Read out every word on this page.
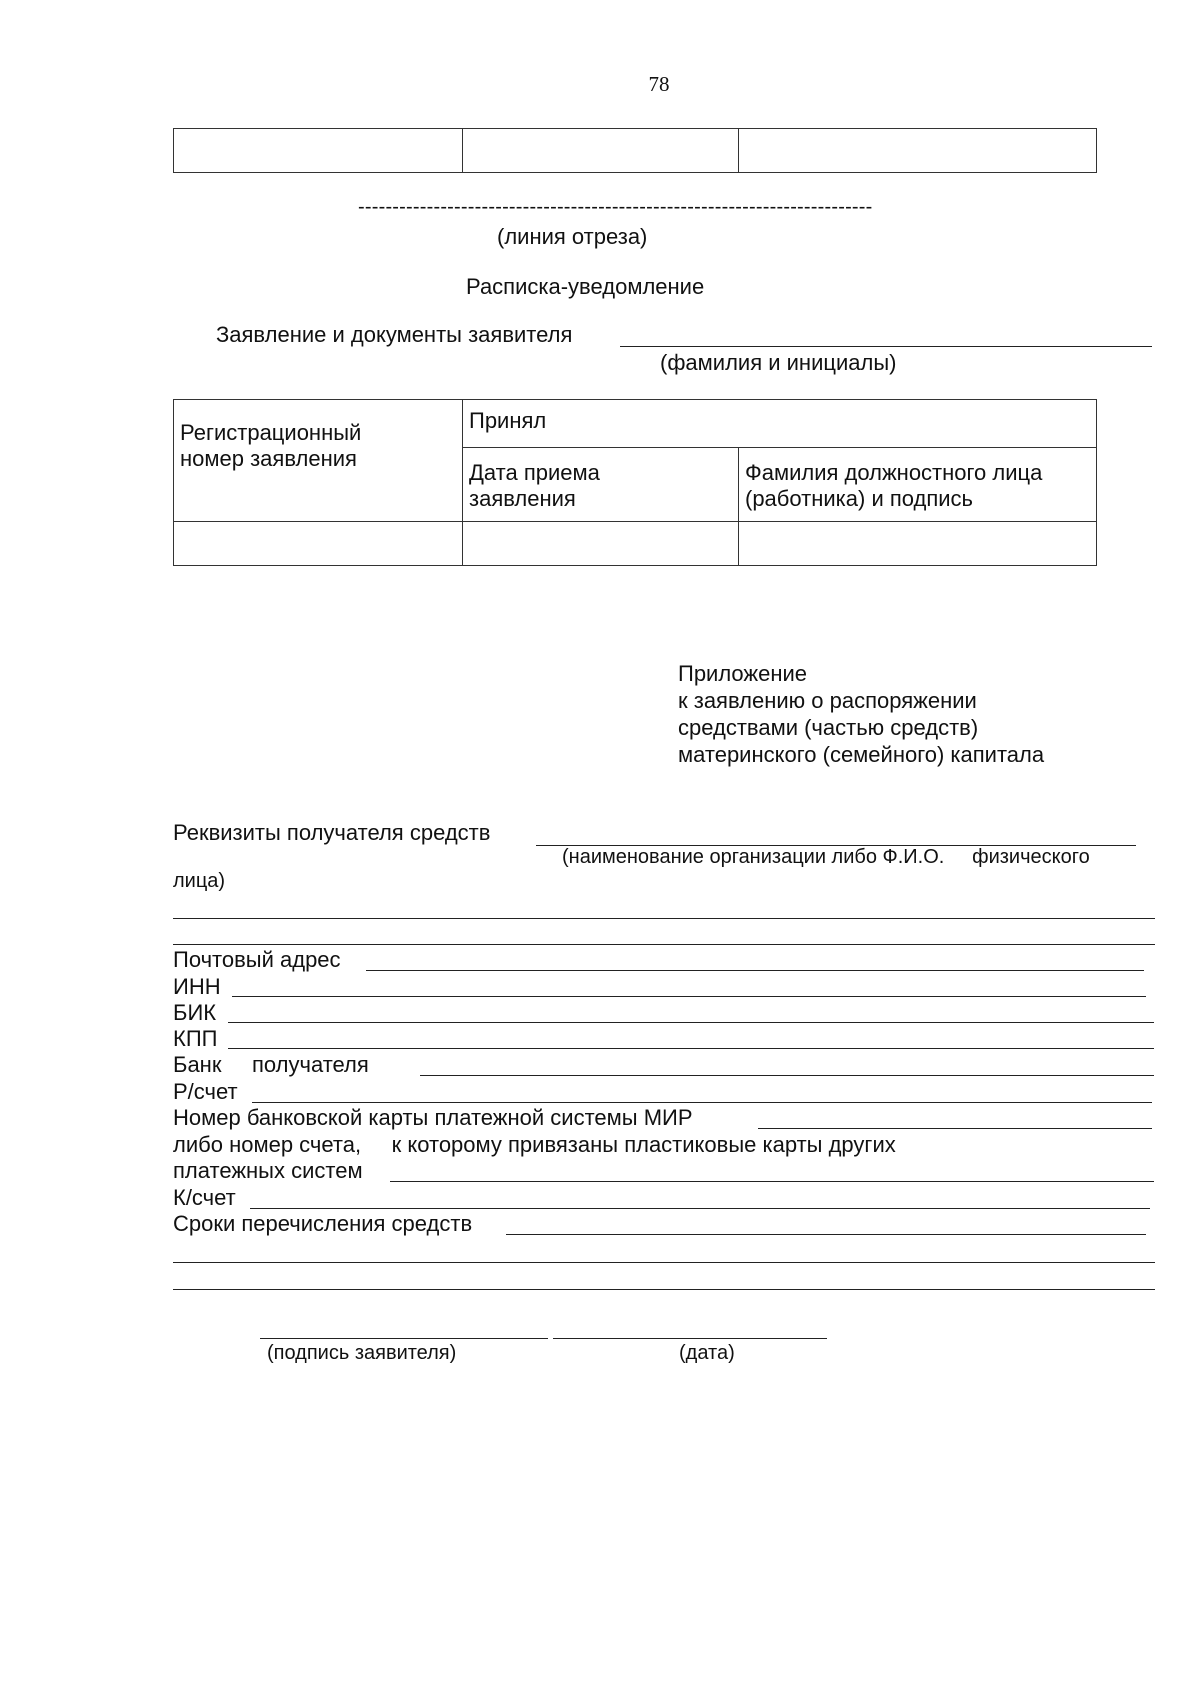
78

---------------------------------------------------------------------------
(линия отреза)
Расписка-уведомление
Заявление и документы заявителя
(фамилия и инициалы)
Регистрационный номер заявления	Принял	

	Дата приема заявления	Фамилия должностного лица (работника) и подпись

Приложение
к заявлению о распоряжении
средствами (частью средств)
материнского (семейного) капитала
Реквизиты получателя средств
(наименование организации либо Ф.И.О.     физического
лица)
Почтовый адрес
ИНН
БИК
КПП
Банк     получателя
Р/счет
Номер банковской карты платежной системы МИР
либо номер счета,     к которому привязаны пластиковые карты других
платежных систем
К/счет
Сроки перечисления средств
(подпись заявителя)	(дата)
